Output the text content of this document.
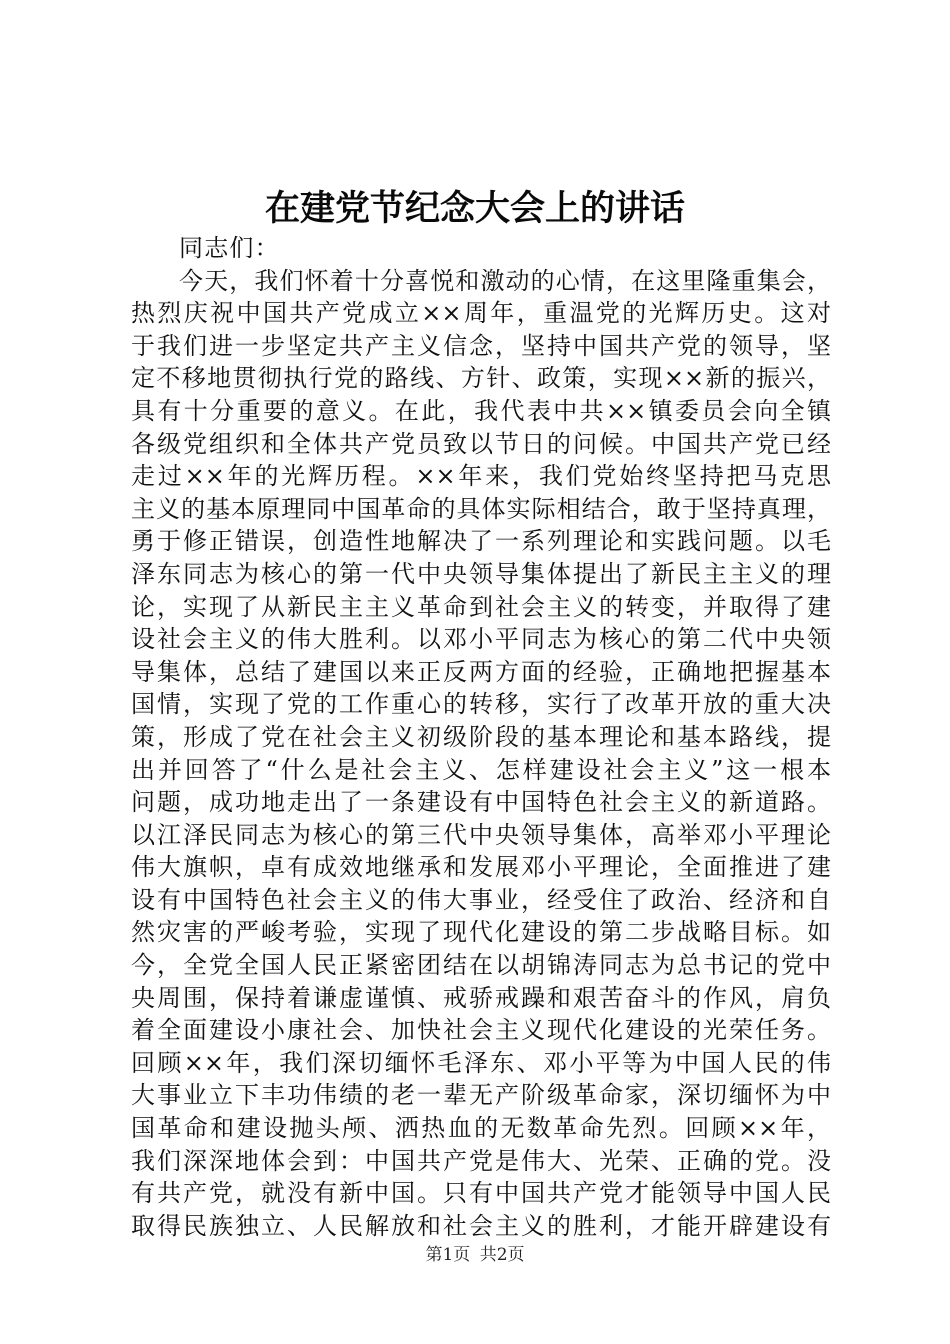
在建党节纪念大会上的讲话
同志们：
今天，我们怀着十分喜悦和激动的心情，在这里隆重集会，
热烈庆祝中国共产党成立××周年，重温党的光辉历史。这对
于我们进一步坚定共产主义信念，坚持中国共产党的领导，坚
定不移地贯彻执行党的路线、方针、政策，实现××新的振兴，
具有十分重要的意义。在此，我代表中共××镇委员会向全镇
各级党组织和全体共产党员致以节日的问候。中国共产党已经
走过××年的光辉历程。××年来，我们党始终坚持把马克思
主义的基本原理同中国革命的具体实际相结合，敢于坚持真理，
勇于修正错误，创造性地解决了一系列理论和实践问题。以毛
泽东同志为核心的第一代中央领导集体提出了新民主主义的理
论，实现了从新民主主义革命到社会主义的转变，并取得了建
设社会主义的伟大胜利。以邓小平同志为核心的第二代中央领
导集体，总结了建国以来正反两方面的经验，正确地把握基本
国情，实现了党的工作重心的转移，实行了改革开放的重大决
策，形成了党在社会主义初级阶段的基本理论和基本路线，提
出并回答了“什么是社会主义、怎样建设社会主义”这一根本
问题，成功地走出了一条建设有中国特色社会主义的新道路。
以江泽民同志为核心的第三代中央领导集体，高举邓小平理论
伟大旗帜，卓有成效地继承和发展邓小平理论，全面推进了建
设有中国特色社会主义的伟大事业，经受住了政治、经济和自
然灾害的严峻考验，实现了现代化建设的第二步战略目标。如
今，全党全国人民正紧密团结在以胡锦涛同志为总书记的党中
央周围，保持着谦虚谨慎、戒骄戒躁和艰苦奋斗的作风，肩负
着全面建设小康社会、加快社会主义现代化建设的光荣任务。
回顾××年，我们深切缅怀毛泽东、邓小平等为中国人民的伟
大事业立下丰功伟绩的老一辈无产阶级革命家，深切缅怀为中
国革命和建设抛头颅、洒热血的无数革命先烈。回顾××年，
我们深深地体会到：中国共产党是伟大、光荣、正确的党。没
有共产党，就没有新中国。只有中国共产党才能领导中国人民
取得民族独立、人民解放和社会主义的胜利，才能开辟建设有
第1页 共2页
